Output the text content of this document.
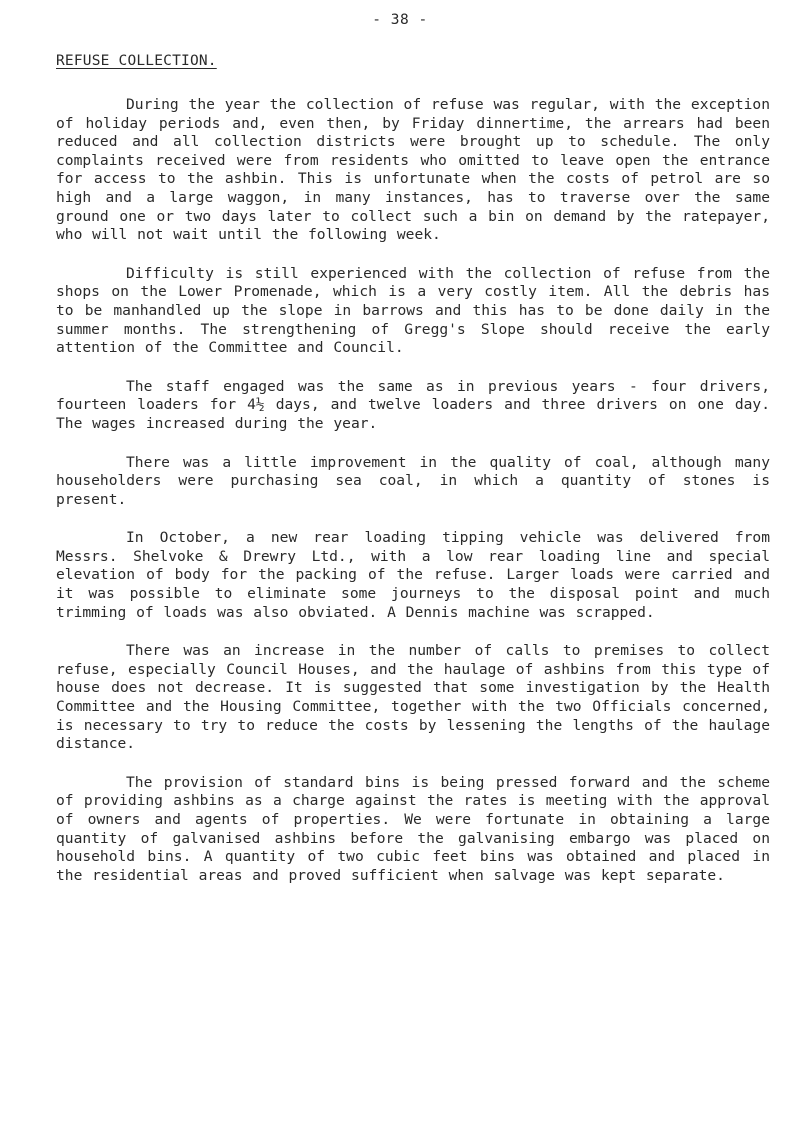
- 38 -
REFUSE COLLECTION.

During the year the collection of refuse was regular, with the exception of holiday periods and, even then, by Friday dinnertime, the arrears had been reduced and all collection districts were brought up to schedule. The only complaints received were from residents who omitted to leave open the entrance for access to the ashbin. This is unfortunate when the costs of petrol are so high and a large waggon, in many instances, has to traverse over the same ground one or two days later to collect such a bin on demand by the ratepayer, who will not wait until the following week.

Difficulty is still experienced with the collection of refuse from the shops on the Lower Promenade, which is a very costly item. All the debris has to be manhandled up the slope in barrows and this has to be done daily in the summer months. The strengthening of Gregg's Slope should receive the early attention of the Committee and Council.

The staff engaged was the same as in previous years - four drivers, fourteen loaders for 4½ days, and twelve loaders and three drivers on one day. The wages increased during the year.

There was a little improvement in the quality of coal, although many householders were purchasing sea coal, in which a quantity of stones is present.

In October, a new rear loading tipping vehicle was delivered from Messrs. Shelvoke & Drewry Ltd., with a low rear loading line and special elevation of body for the packing of the refuse. Larger loads were carried and it was possible to eliminate some journeys to the disposal point and much trimming of loads was also obviated. A Dennis machine was scrapped.

There was an increase in the number of calls to premises to collect refuse, especially Council Houses, and the haulage of ashbins from this type of house does not decrease. It is suggested that some investigation by the Health Committee and the Housing Committee, together with the two Officials concerned, is necessary to try to reduce the costs by lessening the lengths of the haulage distance.

The provision of standard bins is being pressed forward and the scheme of providing ashbins as a charge against the rates is meeting with the approval of owners and agents of properties. We were fortunate in obtaining a large quantity of galvanised ashbins before the galvanising embargo was placed on household bins. A quantity of two cubic feet bins was obtained and placed in the residential areas and proved sufficient when salvage was kept separate.
